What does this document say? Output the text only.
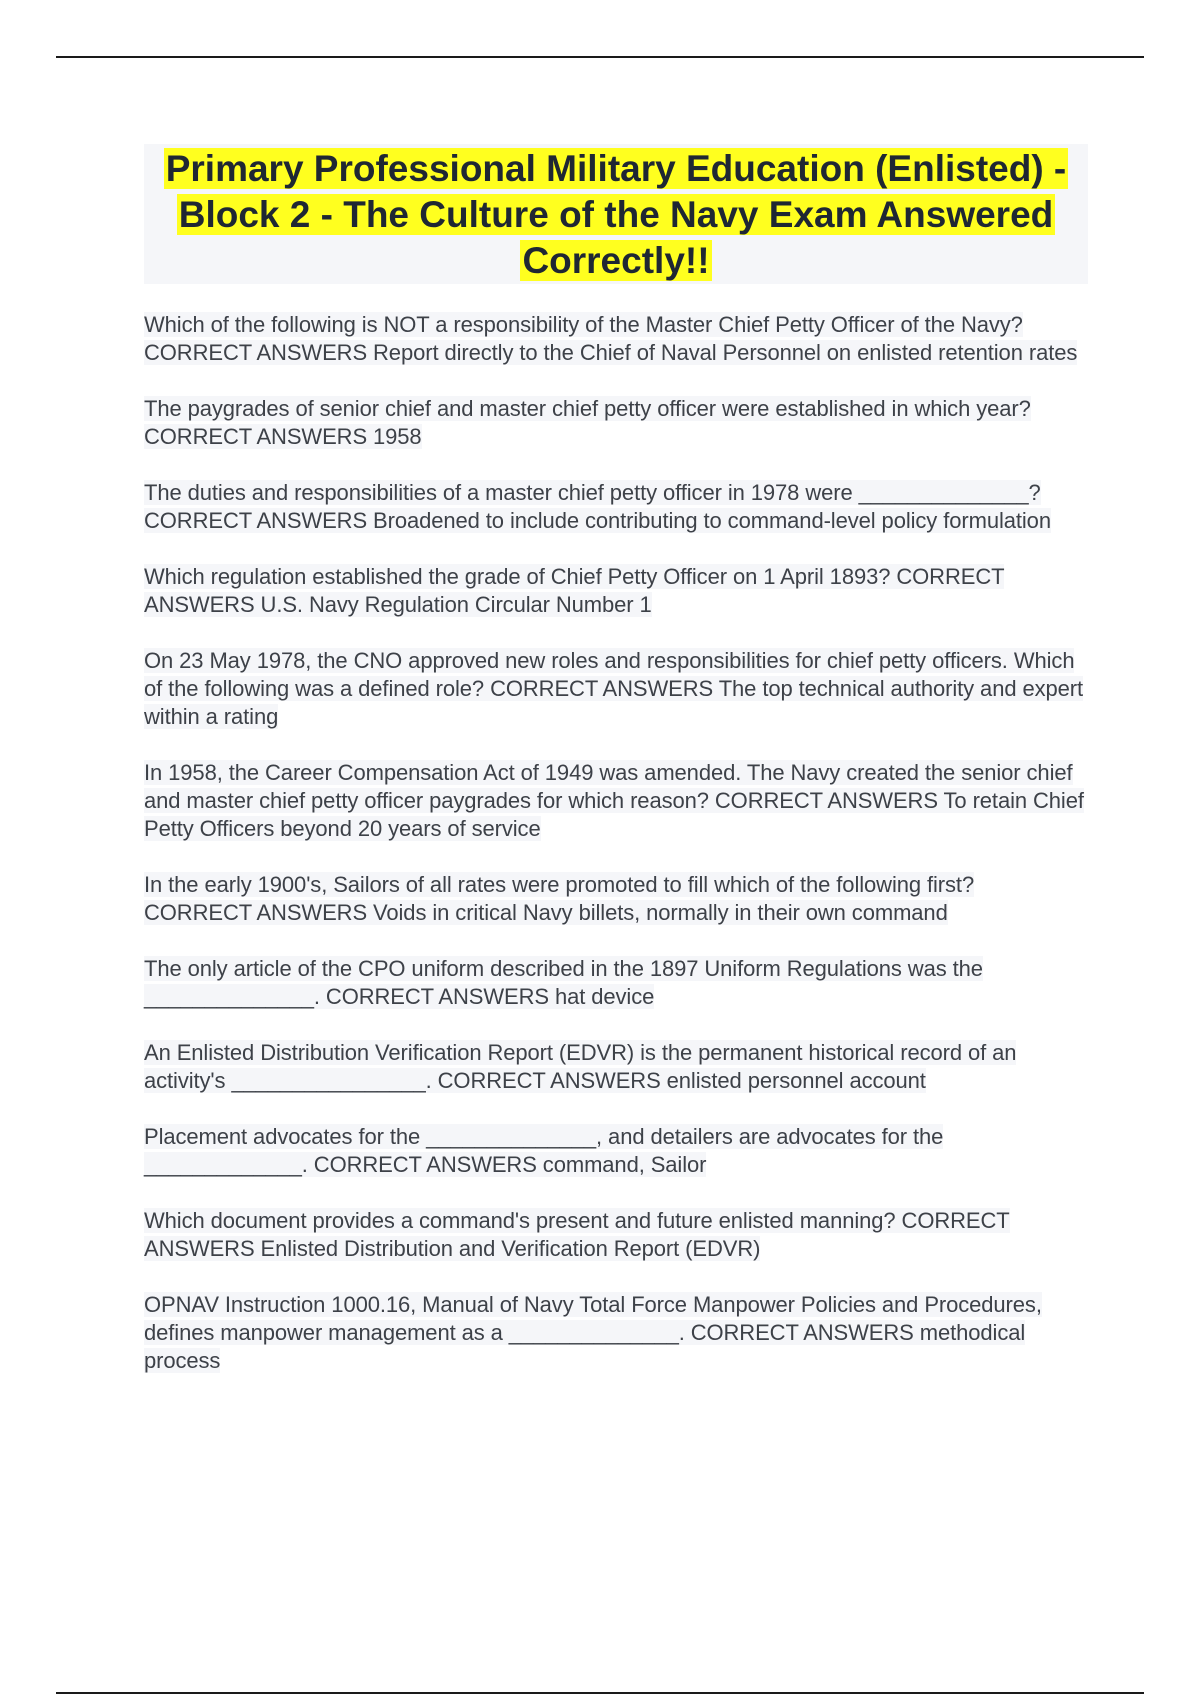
Primary Professional Military Education (Enlisted) - Block 2 - The Culture of the Navy Exam Answered Correctly!!

Which of the following is NOT a responsibility of the Master Chief Petty Officer of the Navy? CORRECT ANSWERS Report directly to the Chief of Naval Personnel on enlisted retention rates

The paygrades of senior chief and master chief petty officer were established in which year? CORRECT ANSWERS 1958

The duties and responsibilities of a master chief petty officer in 1978 were ______________? CORRECT ANSWERS Broadened to include contributing to command-level policy formulation

Which regulation established the grade of Chief Petty Officer on 1 April 1893? CORRECT ANSWERS U.S. Navy Regulation Circular Number 1

On 23 May 1978, the CNO approved new roles and responsibilities for chief petty officers. Which of the following was a defined role? CORRECT ANSWERS The top technical authority and expert within a rating

In 1958, the Career Compensation Act of 1949 was amended. The Navy created the senior chief and master chief petty officer paygrades for which reason? CORRECT ANSWERS To retain Chief Petty Officers beyond 20 years of service

In the early 1900's, Sailors of all rates were promoted to fill which of the following first? CORRECT ANSWERS Voids in critical Navy billets, normally in their own command

The only article of the CPO uniform described in the 1897 Uniform Regulations was the ______________. CORRECT ANSWERS hat device

An Enlisted Distribution Verification Report (EDVR) is the permanent historical record of an activity's ________________. CORRECT ANSWERS enlisted personnel account

Placement advocates for the ______________, and detailers are advocates for the _____________. CORRECT ANSWERS command, Sailor

Which document provides a command's present and future enlisted manning? CORRECT ANSWERS Enlisted Distribution and Verification Report (EDVR)

OPNAV Instruction 1000.16, Manual of Navy Total Force Manpower Policies and Procedures, defines manpower management as a ______________. CORRECT ANSWERS methodical process
